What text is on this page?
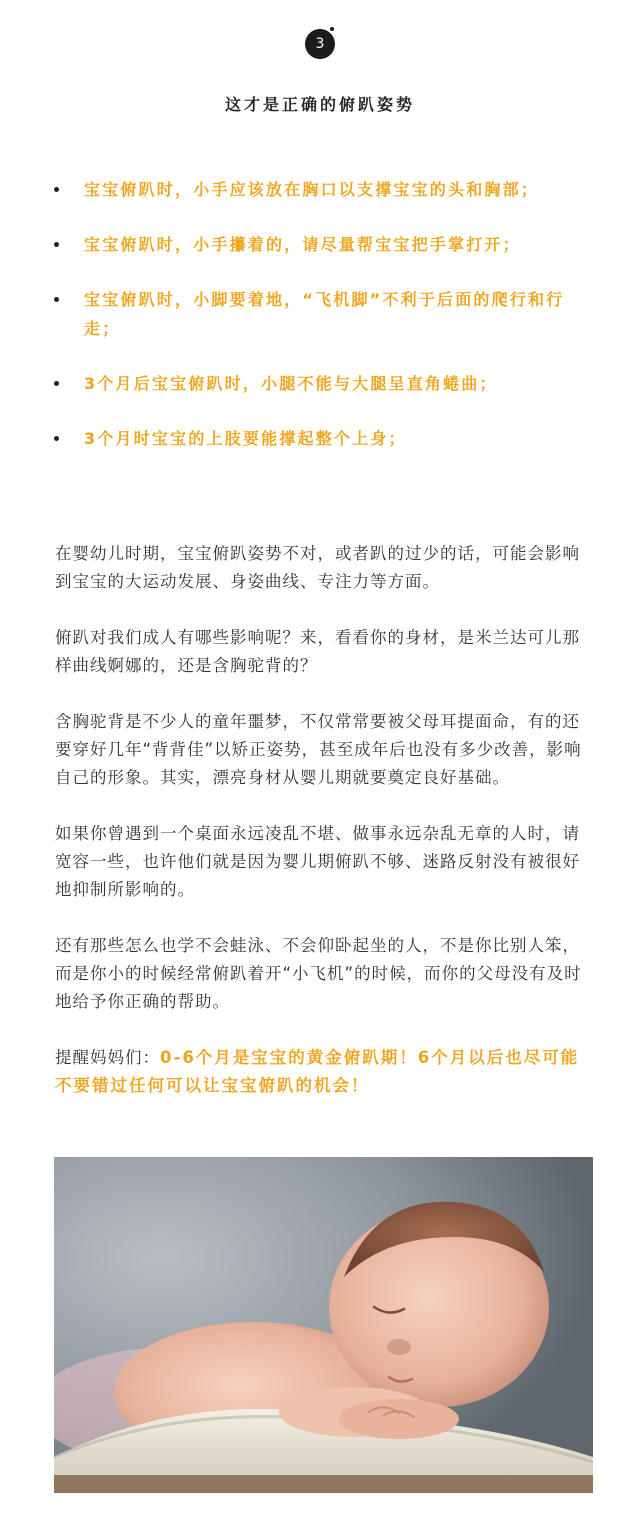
3
这才是正确的俯趴姿势
宝宝俯趴时，小手应该放在胸口以支撑宝宝的头和胸部；
宝宝俯趴时，小手攥着的，请尽量帮宝宝把手掌打开；
宝宝俯趴时，小脚要着地，“飞机脚”不利于后面的爬行和行走；
3个月后宝宝俯趴时，小腿不能与大腿呈直角蜷曲；
3个月时宝宝的上肢要能撑起整个上身；

在婴幼儿时期，宝宝俯趴姿势不对，或者趴的过少的话，可能会影响到宝宝的大运动发展、身姿曲线、专注力等方面。

俯趴对我们成人有哪些影响呢？来，看看你的身材，是米兰达可儿那样曲线婀娜的，还是含胸驼背的？

含胸驼背是不少人的童年噩梦，不仅常常要被父母耳提面命，有的还要穿好几年“背背佳”以矫正姿势，甚至成年后也没有多少改善，影响自己的形象。其实，漂亮身材从婴儿期就要奠定良好基础。

如果你曾遇到一个桌面永远凌乱不堪、做事永远杂乱无章的人时，请宽容一些，也许他们就是因为婴儿期俯趴不够、迷路反射没有被很好地抑制所影响的。

还有那些怎么也学不会蛙泳、不会仰卧起坐的人，不是你比别人笨，而是你小的时候经常俯趴着开“小飞机”的时候，而你的父母没有及时地给予你正确的帮助。

提醒妈妈们：0-6个月是宝宝的黄金俯趴期！6个月以后也尽可能不要错过任何可以让宝宝俯趴的机会！
